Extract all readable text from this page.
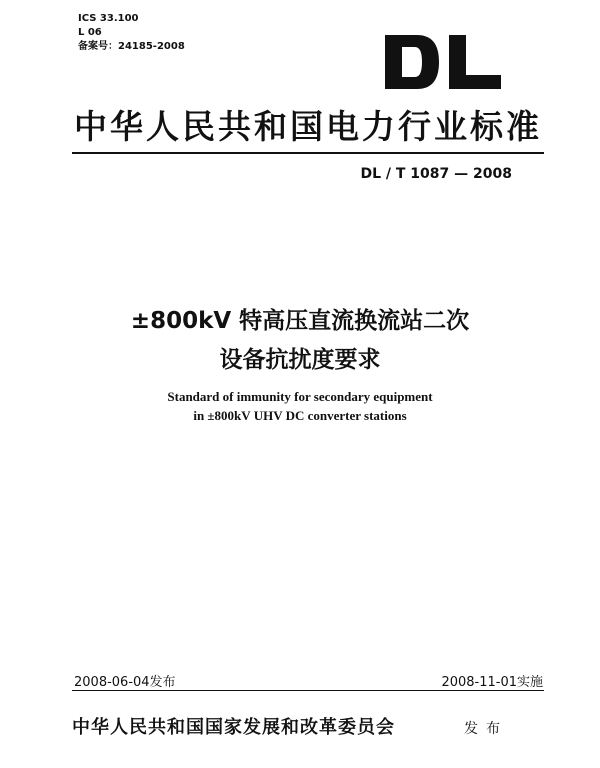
ICS 33.100
L 06
备案号：24185-2008
DL
中华人民共和国电力行业标准
DL / T 1087 — 2008
±800kV 特高压直流换流站二次
设备抗扰度要求
Standard of immunity for secondary equipment
in ±800kV UHV DC converter stations
2008-06-04发布	2008-11-01实施
中华人民共和国国家发展和改革委员会	发布
